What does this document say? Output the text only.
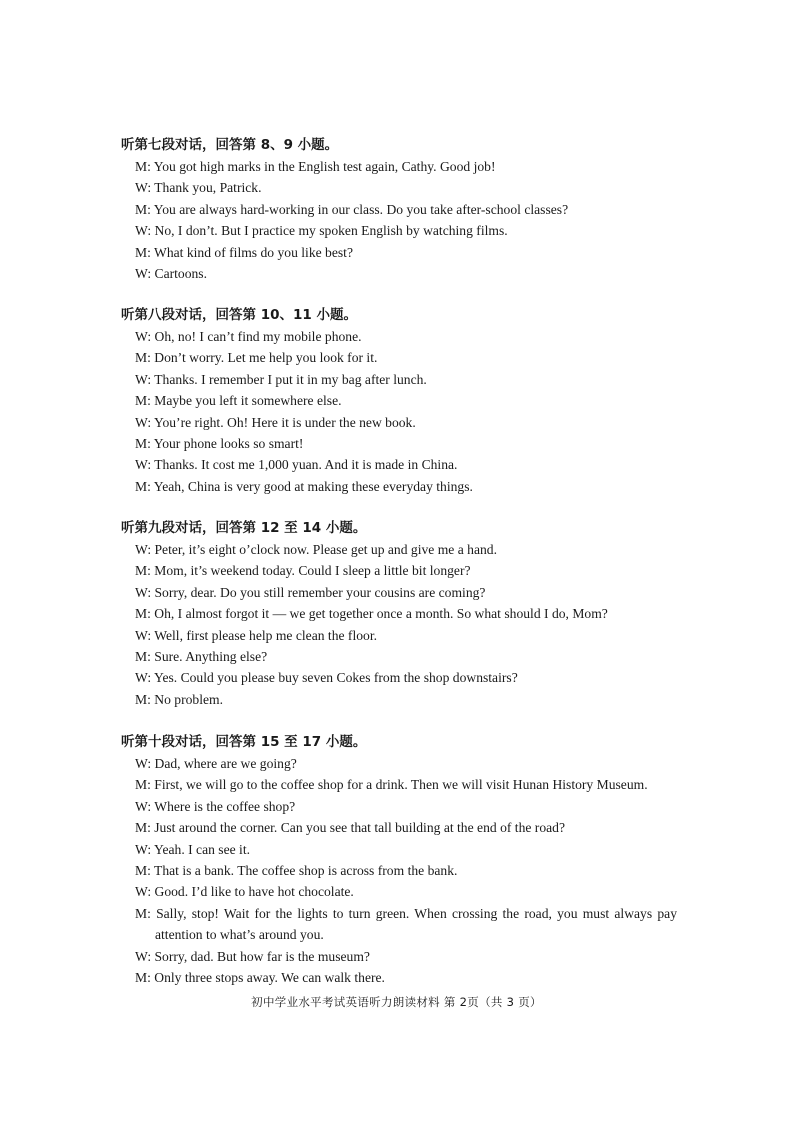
听第七段对话，回答第 8、9 小题。
M: You got high marks in the English test again, Cathy. Good job!
W: Thank you, Patrick.
M: You are always hard-working in our class. Do you take after-school classes?
W: No, I don’t. But I practice my spoken English by watching films.
M: What kind of films do you like best?
W: Cartoons.
听第八段对话，回答第 10、11 小题。
W: Oh, no! I can’t find my mobile phone.
M: Don’t worry. Let me help you look for it.
W: Thanks. I remember I put it in my bag after lunch.
M: Maybe you left it somewhere else.
W: You’re right. Oh! Here it is under the new book.
M: Your phone looks so smart!
W: Thanks. It cost me 1,000 yuan. And it is made in China.
M: Yeah, China is very good at making these everyday things.
听第九段对话，回答第 12 至 14 小题。
W: Peter, it’s eight o’clock now. Please get up and give me a hand.
M: Mom, it’s weekend today. Could I sleep a little bit longer?
W: Sorry, dear. Do you still remember your cousins are coming?
M: Oh, I almost forgot it — we get together once a month. So what should I do, Mom?
W: Well, first please help me clean the floor.
M: Sure. Anything else?
W: Yes. Could you please buy seven Cokes from the shop downstairs?
M: No problem.
听第十段对话，回答第 15 至 17 小题。
W: Dad, where are we going?
M: First, we will go to the coffee shop for a drink. Then we will visit Hunan History Museum.
W: Where is the coffee shop?
M: Just around the corner. Can you see that tall building at the end of the road?
W: Yeah. I can see it.
M: That is a bank. The coffee shop is across from the bank.
W: Good. I’d like to have hot chocolate.
M: Sally, stop! Wait for the lights to turn green. When crossing the road, you must always pay attention to what’s around you.
W: Sorry, dad. But how far is the museum?
M: Only three stops away. We can walk there.
初中学业水平考试英语听力朗读材料 第 2页（共 3 页）
